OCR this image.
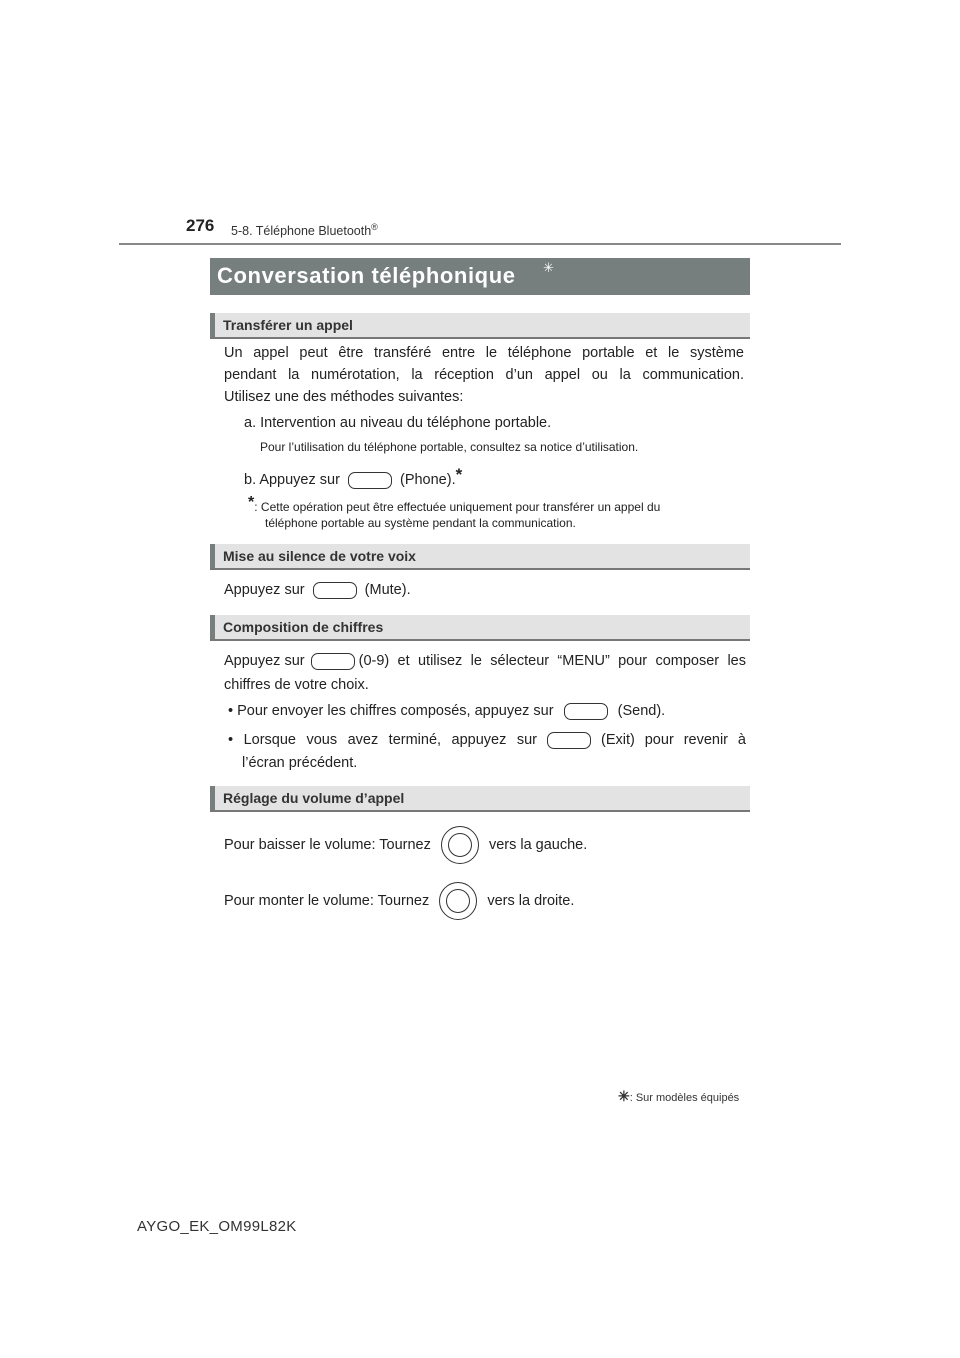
276 5-8. Téléphone Bluetooth®
Conversation téléphonique ✳
Transférer un appel
Un appel peut être transféré entre le téléphone portable et le système
pendant la numérotation, la réception d’un appel ou la communication.
Utilisez une des méthodes suivantes:
a. Intervention au niveau du téléphone portable.
Pour l’utilisation du téléphone portable, consultez sa notice d’utilisation.
b. Appuyez sur	(Phone).*
*: Cette opération peut être effectuée uniquement pour transférer un appel du
téléphone portable au système pendant la communication.
Mise au silence de votre voix
Appuyez sur	(Mute).
Composition de chiffres
Appuyez sur	(0-9) et utilisez le sélecteur “MENU” pour composer les
chiffres de votre choix.
• Pour envoyer les chiffres composés, appuyez sur	(Send).
• Lorsque vous avez terminé, appuyez sur	(Exit) pour revenir à
l’écran précédent.
Réglage du volume d’appel
Pour baisser le volume: Tournez	vers la gauche.
Pour monter le volume: Tournez	vers la droite.
✳: Sur modèles équipés
AYGO_EK_OM99L82K
